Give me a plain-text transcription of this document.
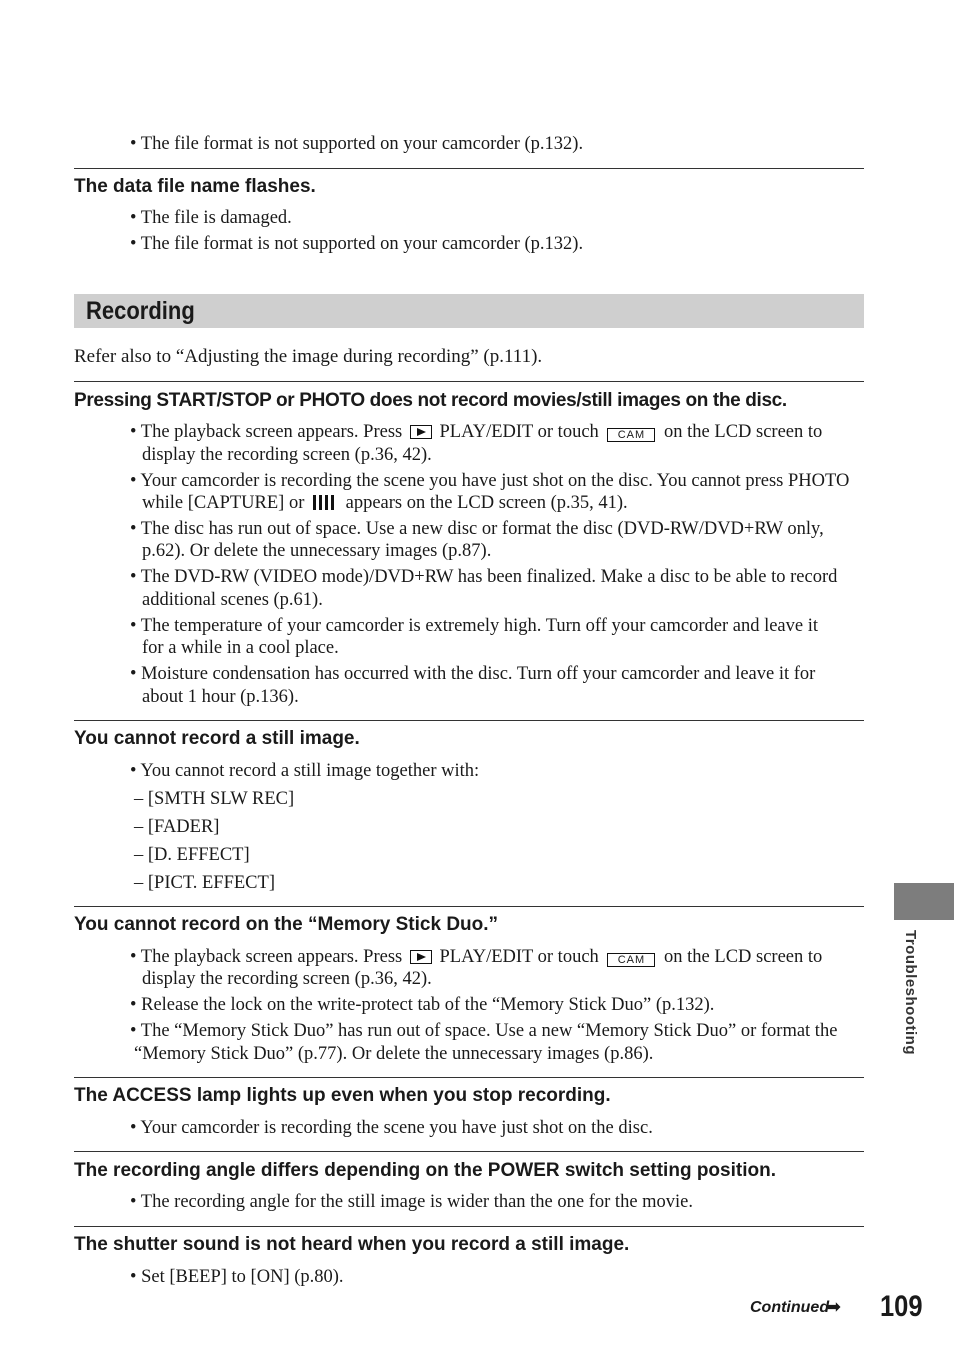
• The file format is not supported on your camcorder (p.132).
The data file name flashes.
• The file is damaged.
• The file format is not supported on your camcorder (p.132).
Recording
Refer also to “Adjusting the image during recording” (p.111).
Pressing START/STOP or PHOTO does not record movies/still images on the disc.
• The playback screen appears. Press PLAY/EDIT or touch CAM on the LCD screen to
display the recording screen (p.36, 42).
• Your camcorder is recording the scene you have just shot on the disc. You cannot press PHOTO
while [CAPTURE] or appears on the LCD screen (p.35, 41).
• The disc has run out of space. Use a new disc or format the disc (DVD-RW/DVD+RW only,
p.62). Or delete the unnecessary images (p.87).
• The DVD-RW (VIDEO mode)/DVD+RW has been finalized. Make a disc to be able to record
additional scenes (p.61).
• The temperature of your camcorder is extremely high. Turn off your camcorder and leave it
for a while in a cool place.
• Moisture condensation has occurred with the disc. Turn off your camcorder and leave it for
about 1 hour (p.136).
You cannot record a still image.
• You cannot record a still image together with:
– [SMTH SLW REC]
– [FADER]
– [D. EFFECT]
– [PICT. EFFECT]
You cannot record on the “Memory Stick Duo.”
• The playback screen appears. Press PLAY/EDIT or touch CAM on the LCD screen to
display the recording screen (p.36, 42).
• Release the lock on the write-protect tab of the “Memory Stick Duo” (p.132).
• The “Memory Stick Duo” has run out of space. Use a new “Memory Stick Duo” or format the
“Memory Stick Duo” (p.77). Or delete the unnecessary images (p.86).
The ACCESS lamp lights up even when you stop recording.
• Your camcorder is recording the scene you have just shot on the disc.
The recording angle differs depending on the POWER switch setting position.
• The recording angle for the still image is wider than the one for the movie.
The shutter sound is not heard when you record a still image.
• Set [BEEP] to [ON] (p.80).
Troubleshooting
Continued➡ 109
